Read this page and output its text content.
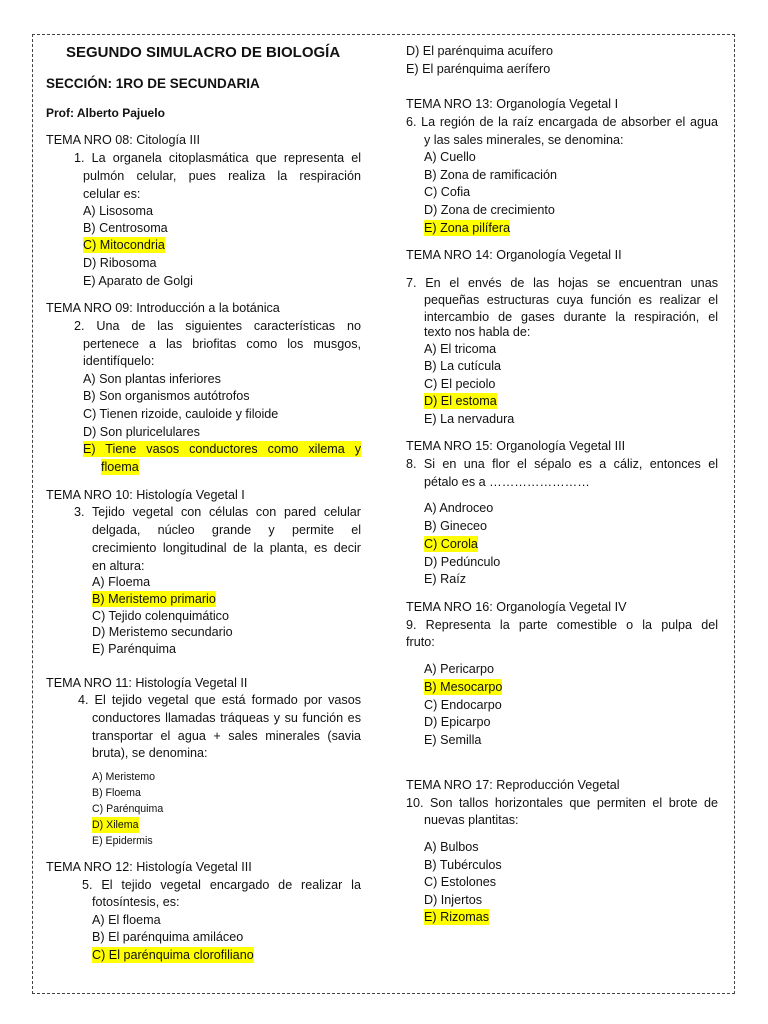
SEGUNDO SIMULACRO DE BIOLOGÍA
SECCIÓN: 1RO DE SECUNDARIA
Prof: Alberto Pajuelo
TEMA NRO 08: Citología III
1. La organela citoplasmática que representa el
pulmón celular, pues realiza la respiración
celular es:
A) Lisosoma
B) Centrosoma
C) Mitocondria
D) Ribosoma
E) Aparato de Golgi
TEMA NRO 09: Introducción a la botánica
2. Una de las siguientes características no
pertenece a las briofitas como los musgos,
identifíquelo:
A) Son plantas inferiores
B) Son organismos autótrofos
C) Tienen rizoide, cauloide y filoide
D) Son pluricelulares
E) Tiene vasos conductores como xilema y
floema
TEMA NRO 10: Histología Vegetal I
3. Tejido vegetal con células con pared celular
delgada, núcleo grande y permite el
crecimiento longitudinal de la planta, es decir
en altura:
A) Floema
B) Meristemo primario
C) Tejido colenquimático
D) Meristemo secundario
E) Parénquima
TEMA NRO 11: Histología Vegetal II
4. El tejido vegetal que está formado por vasos
conductores llamadas tráqueas y su función es
transportar el agua + sales minerales (savia
bruta), se denomina:
A) Meristemo
B) Floema
C) Parénquima
D) Xilema
E) Epidermis
TEMA NRO 12: Histología Vegetal III
5. El tejido vegetal encargado de realizar la
fotosíntesis, es:
A) El floema
B) El parénquima amiláceo
C) El parénquima clorofiliano
D) El parénquima acuífero
E) El parénquima aerífero
TEMA NRO 13: Organología Vegetal I
6. La región de la raíz encargada de absorber el agua
y las sales minerales, se denomina:
A) Cuello
B) Zona de ramificación
C) Cofia
D) Zona de crecimiento
E) Zona pilífera
TEMA NRO 14: Organología Vegetal II
7. En el envés de las hojas se encuentran unas
pequeñas estructuras cuya función es realizar el
intercambio de gases durante la respiración, el
texto nos habla de:
A) El tricoma
B) La cutícula
C) El peciolo
D) El estoma
E) La nervadura
TEMA NRO 15: Organología Vegetal III
8. Si en una flor el sépalo es a cáliz, entonces el
pétalo es a ……………………
A) Androceo
B) Gineceo
C) Corola
D) Pedúnculo
E) Raíz
TEMA NRO 16: Organología Vegetal IV
9. Representa la parte comestible o la pulpa del
fruto:
A) Pericarpo
B) Mesocarpo
C) Endocarpo
D) Epicarpo
E) Semilla
TEMA NRO 17: Reproducción Vegetal
10. Son tallos horizontales que permiten el brote de
nuevas plantitas:
A) Bulbos
B) Tubérculos
C) Estolones
D) Injertos
E) Rizomas
